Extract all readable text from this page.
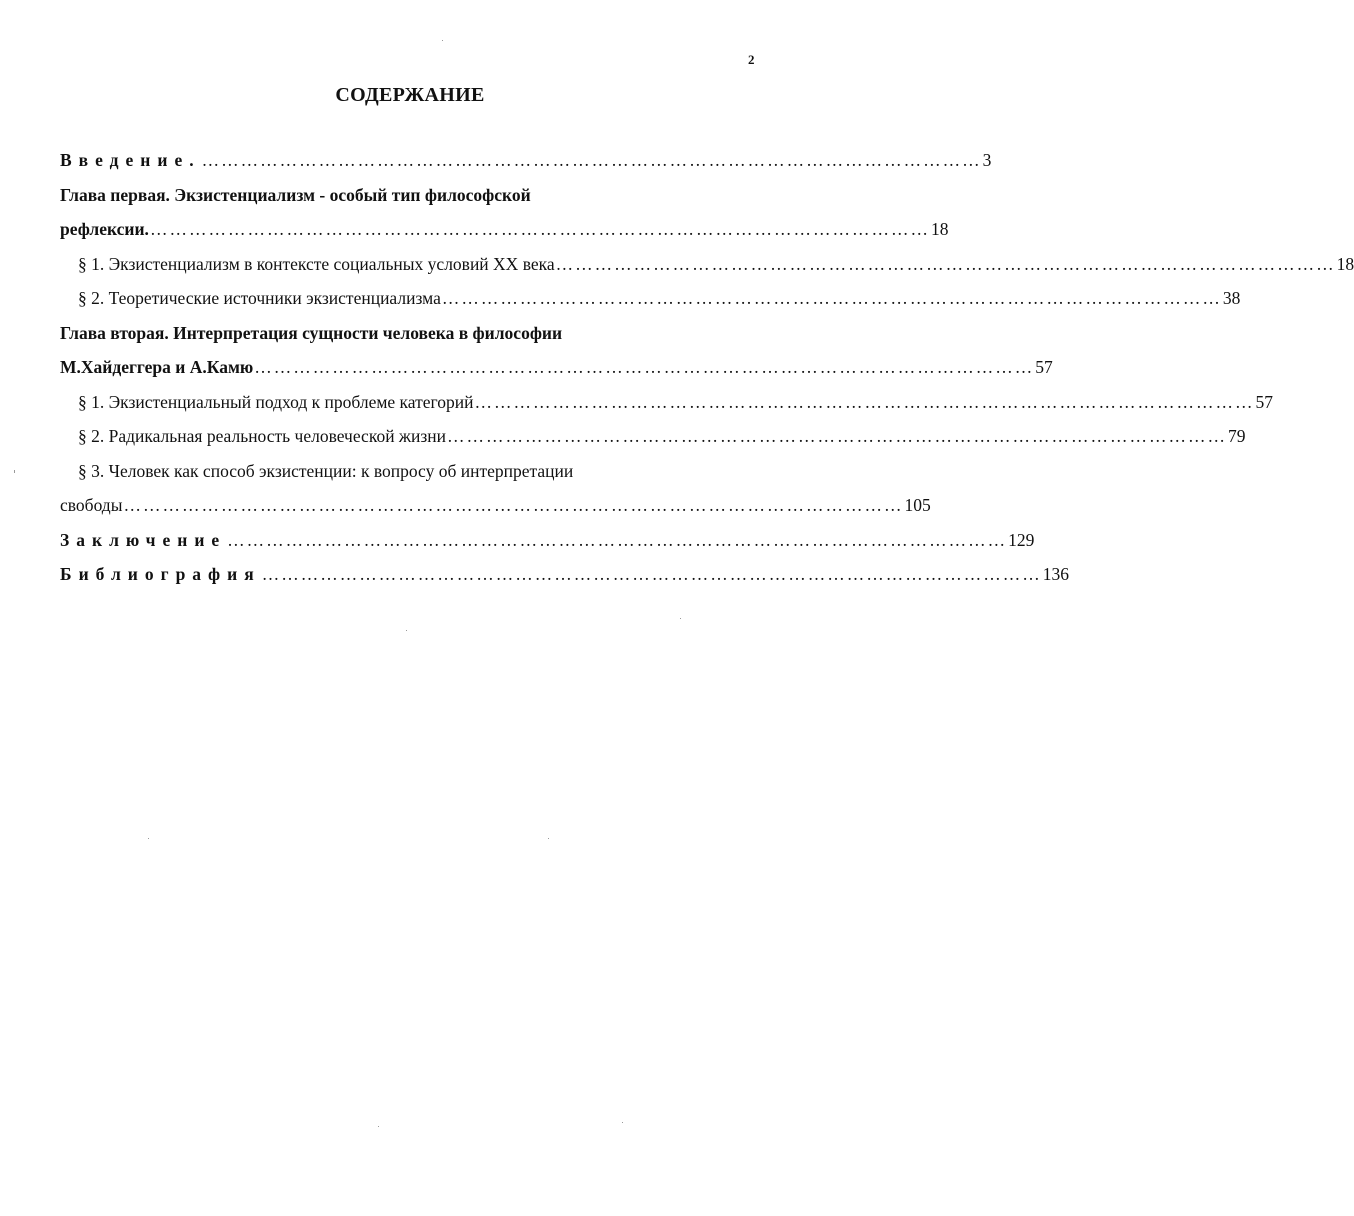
2
СОДЕРЖАНИЕ
Введение. ………………………………………………………………………………………………………… 3
Глава первая. Экзистенциализм - особый тип философской
рефлексии. ………………………………………………………………………………………………………… 18
§ 1. Экзистенциализм в контексте социальных условий XX века ………………………………………………………………………………………………………… 18
§ 2. Теоретические источники экзистенциализма ………………………………………………………………………………………………………… 38
Глава вторая. Интерпретация сущности человека в философии
М.Хайдеггера и А.Камю ………………………………………………………………………………………………………… 57
§ 1. Экзистенциальный подход к проблеме категорий ………………………………………………………………………………………………………… 57
§ 2. Радикальная реальность человеческой жизни ………………………………………………………………………………………………………… 79
§ 3. Человек как способ экзистенции: к вопросу об интерпретации
свободы ………………………………………………………………………………………………………… 105
Заключение ………………………………………………………………………………………………………… 129
Библиография ………………………………………………………………………………………………………… 136
